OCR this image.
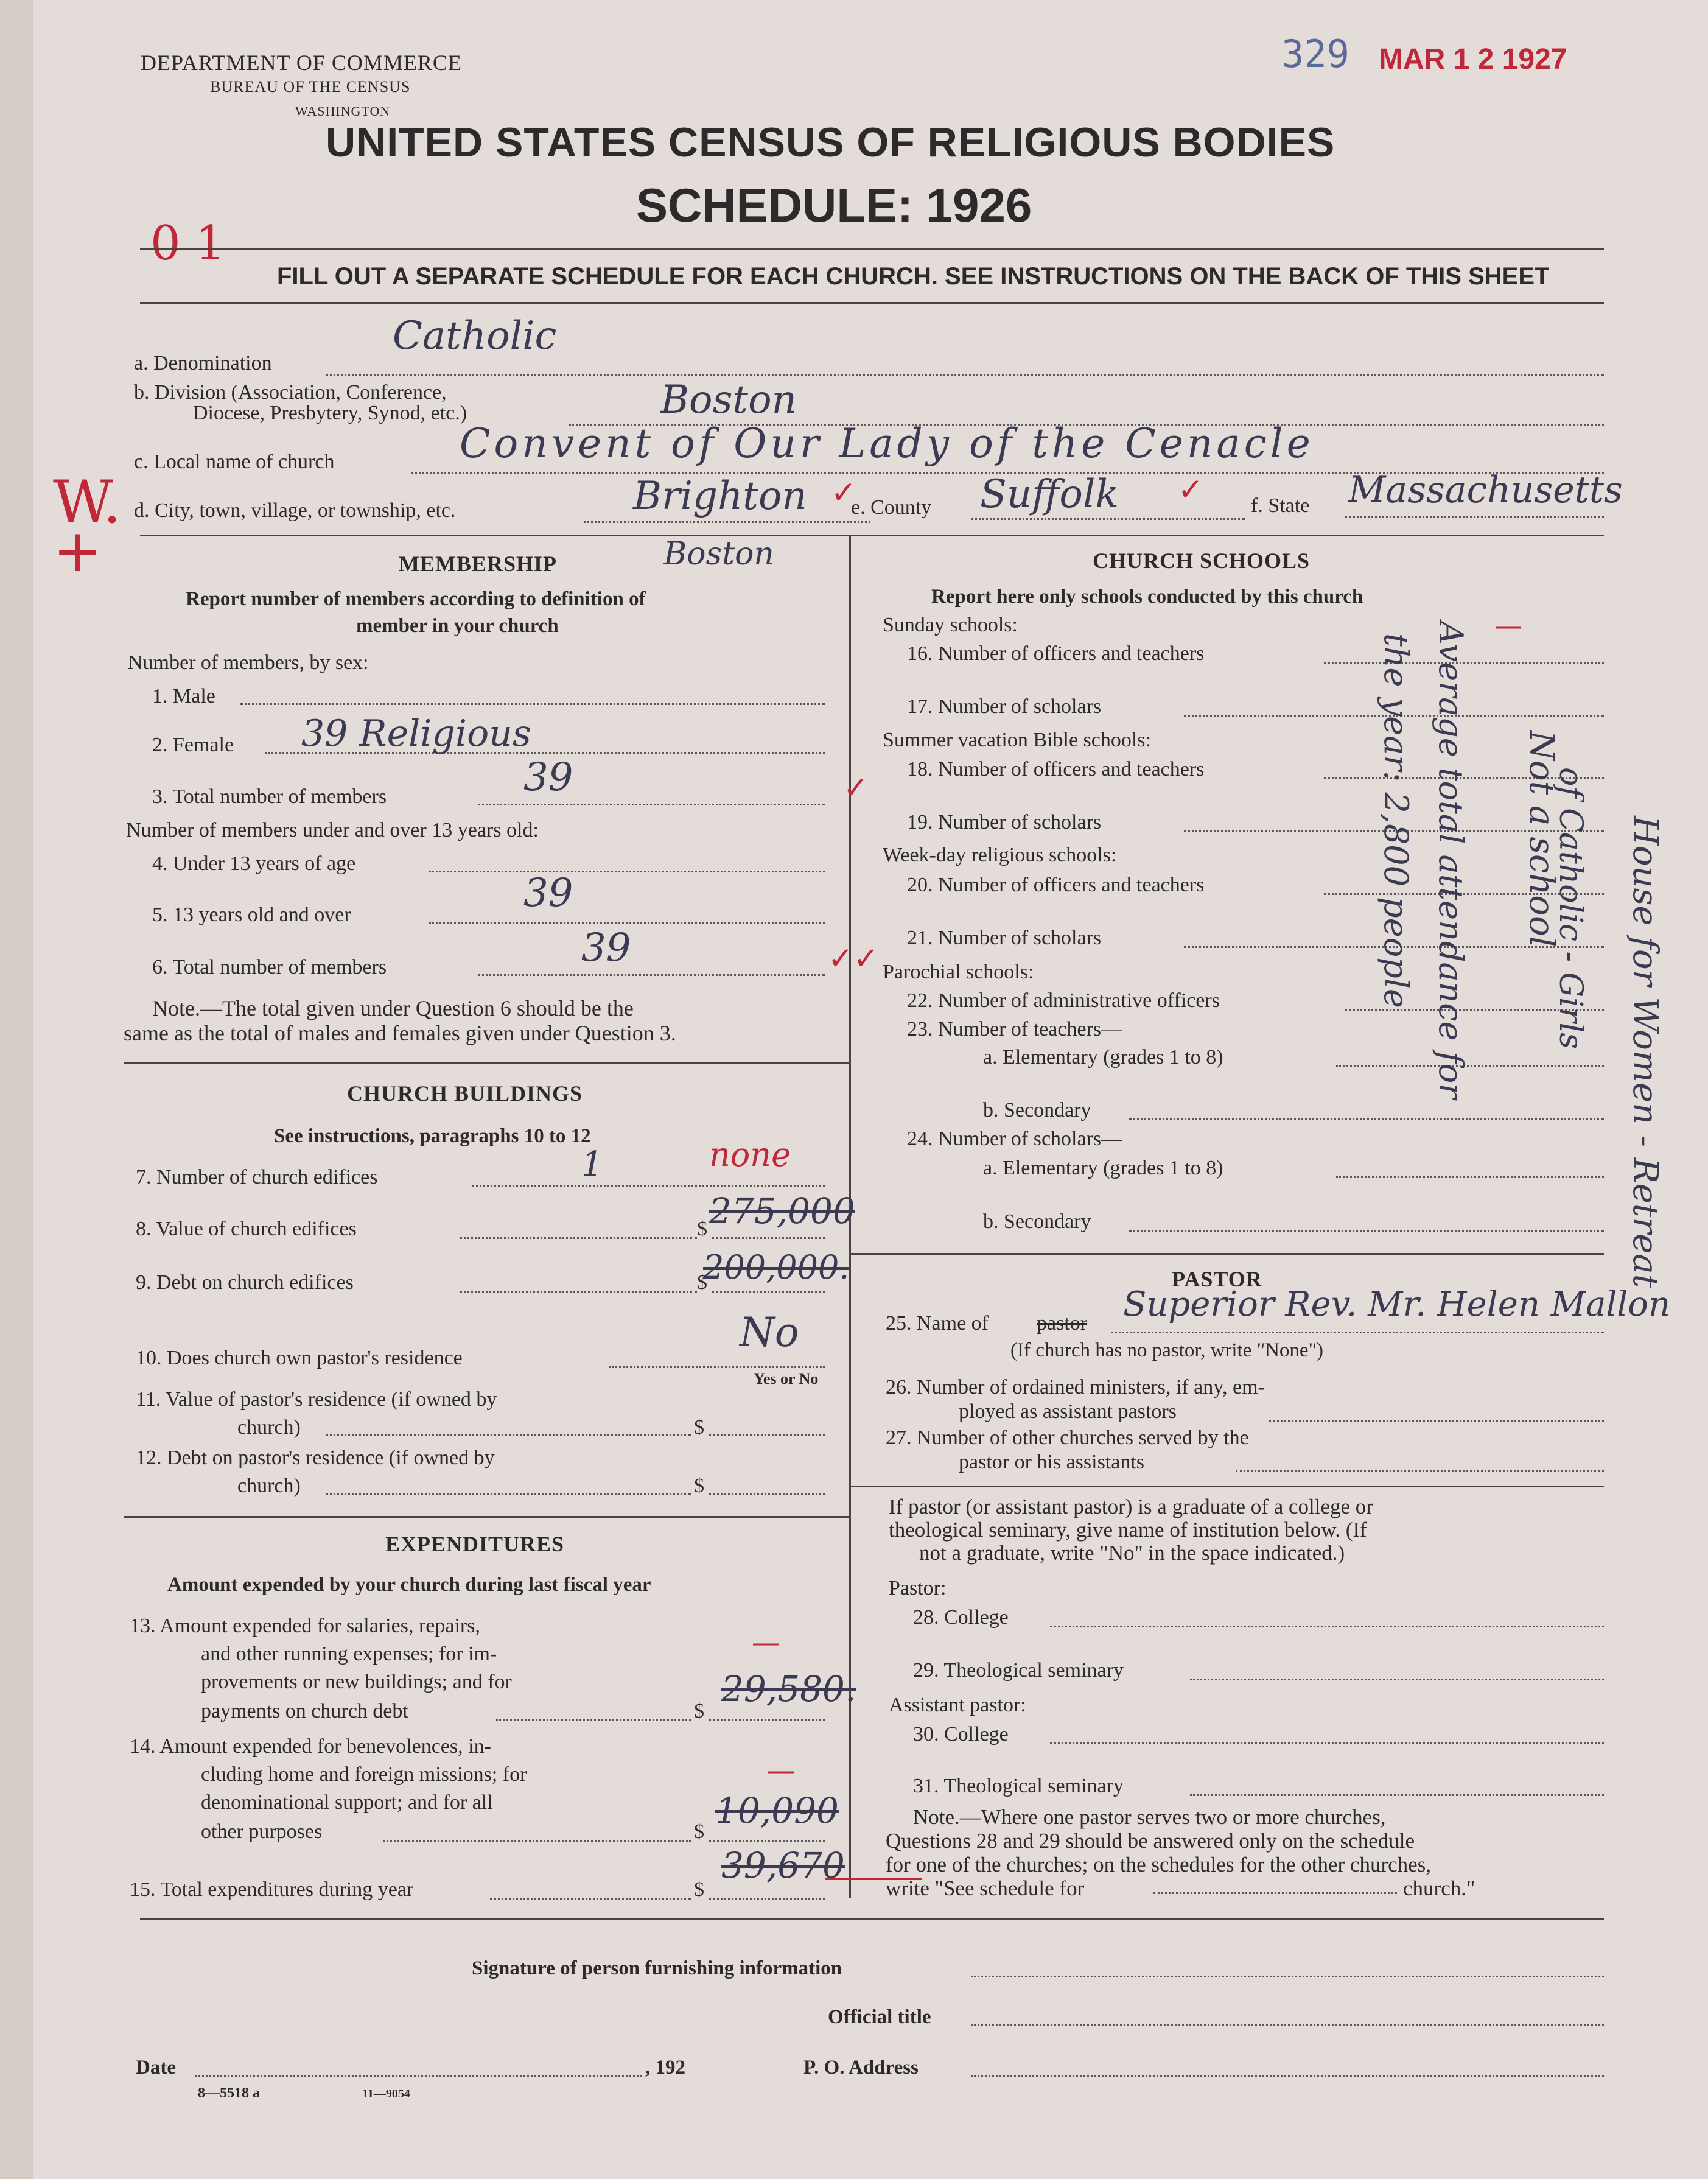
DEPARTMENT OF COMMERCE
BUREAU OF THE CENSUS
WASHINGTON
329 MAR 1 2 1927
UNITED STATES CENSUS OF RELIGIOUS BODIES
SCHEDULE: 1926
01
W. +
FILL OUT A SEPARATE SCHEDULE FOR EACH CHURCH. SEE INSTRUCTIONS ON THE BACK OF THIS SHEET
a. Denomination
Catholic
b. Division (Association, Conference,
Diocese, Presbytery, Synod, etc.)	Boston
c. Local name of church	Convent of Our Lady of the Cenacle
d. City, town, village, or township, etc.	Brighton ✓
e. County Suffolk ✓ f. State Massachusetts
Boston
MEMBERSHIP
Report number of members according to definition of
member in your church
Number of members, by sex:
1. Male
2. Female 39 Religious
3. Total number of members	39	✓
Number of members under and over 13 years old:
4. Under 13 years of age
5. 13 years old and over	39
6. Total number of members	39	✓✓
Note.—The total given under Question 6 should be the
same as the total of males and females given under Question 3.
CHURCH BUILDINGS
See instructions, paragraphs 10 to 12
7. Number of church edifices	1	none
8. Value of church edifices	$ 275,000
9. Debt on church edifices	$
200,000.
10. Does church own pastor's residence
No
Yes or No
11. Value of pastor's residence (if owned by
church)	$
12. Debt on pastor's residence (if owned by
church)	$
EXPENDITURES
Amount expended by your church during last fiscal year
13. Amount expended for salaries, repairs,
and other running expenses; for im-
provements or new buildings; and for
payments on church debt	$
29,580.
—
14. Amount expended for benevolences, in-
cluding home and foreign missions; for
denominational support; and for all
other purposes	$
10,090
—
15. Total expenditures during year	$
39,670
CHURCH SCHOOLS
Report here only schools conducted by this church
Sunday schools:
16. Number of officers and teachers
—
17. Number of scholars
Summer vacation Bible schools:
18. Number of officers and teachers
19. Number of scholars
Week-day religious schools:
20. Number of officers and teachers
21. Number of scholars
Parochial schools:
22. Number of administrative officers
23. Number of teachers—
a. Elementary (grades 1 to 8)
b. Secondary
24. Number of scholars—
a. Elementary (grades 1 to 8)
b. Secondary
Not a school House for Women - Retreat
of Catholic - Girls
Average total attendance for
the year: 2,800 people
PASTOR
25. Name of pastor Superior Rev. Mr. Helen Mallon
(If church has no pastor, write "None")
26. Number of ordained ministers, if any, em-
ployed as assistant pastors
27. Number of other churches served by the
pastor or his assistants
If pastor (or assistant pastor) is a graduate of a college or
theological seminary, give name of institution below. (If
not a graduate, write "No" in the space indicated.)
Pastor:
28. College
29. Theological seminary
Assistant pastor:
30. College
31. Theological seminary
Note.—Where one pastor serves two or more churches,
Questions 28 and 29 should be answered only on the schedule
for one of the churches; on the schedules for the other churches,
write "See schedule for	church."
Signature of person furnishing information
Official title
Date	, 192	P. O. Address
8—5518 a	11—9054
